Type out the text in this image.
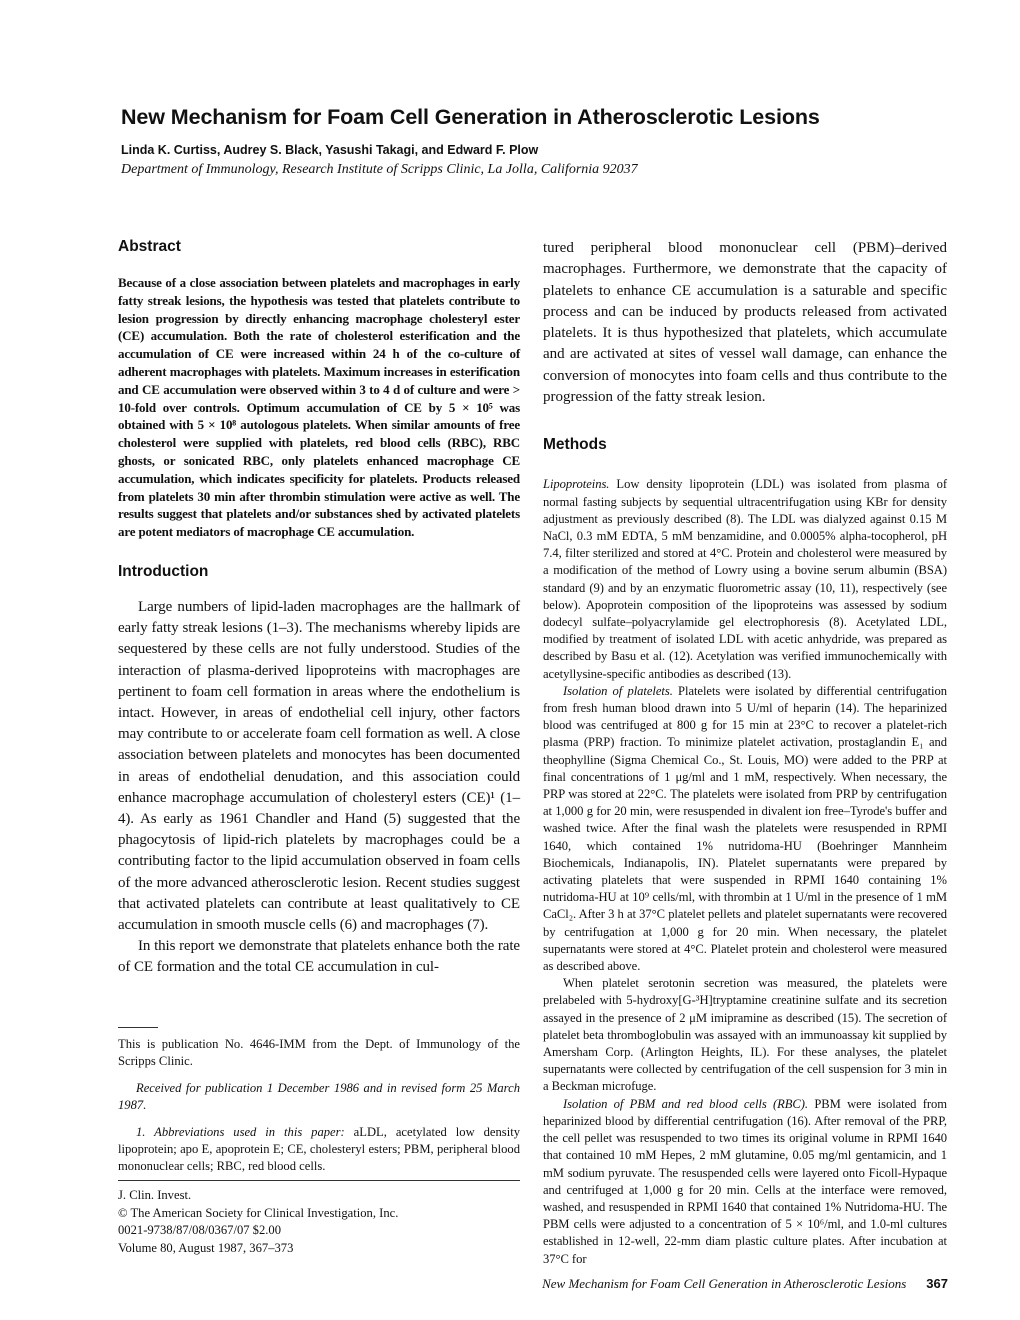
New Mechanism for Foam Cell Generation in Atherosclerotic Lesions
Linda K. Curtiss, Audrey S. Black, Yasushi Takagi, and Edward F. Plow
Department of Immunology, Research Institute of Scripps Clinic, La Jolla, California 92037
Abstract

Because of a close association between platelets and macrophages in early fatty streak lesions, the hypothesis was tested that platelets contribute to lesion progression by directly enhancing macrophage cholesteryl ester (CE) accumulation. Both the rate of cholesterol esterification and the accumulation of CE were increased within 24 h of the co-culture of adherent macrophages with platelets. Maximum increases in esterification and CE accumulation were observed within 3 to 4 d of culture and were > 10-fold over controls. Optimum accumulation of CE by 5 × 10⁵ was obtained with 5 × 10⁸ autologous platelets. When similar amounts of free cholesterol were supplied with platelets, red blood cells (RBC), RBC ghosts, or sonicated RBC, only platelets enhanced macrophage CE accumulation, which indicates specificity for platelets. Products released from platelets 30 min after thrombin stimulation were active as well. The results suggest that platelets and/or substances shed by activated platelets are potent mediators of macrophage CE accumulation.

Introduction

Large numbers of lipid-laden macrophages are the hallmark of early fatty streak lesions (1–3). The mechanisms whereby lipids are sequestered by these cells are not fully understood. Studies of the interaction of plasma-derived lipoproteins with macrophages are pertinent to foam cell formation in areas where the endothelium is intact. However, in areas of endothelial cell injury, other factors may contribute to or accelerate foam cell formation as well. A close association between platelets and monocytes has been documented in areas of endothelial denudation, and this association could enhance macrophage accumulation of cholesteryl esters (CE)¹ (1–4). As early as 1961 Chandler and Hand (5) suggested that the phagocytosis of lipid-rich platelets by macrophages could be a contributing factor to the lipid accumulation observed in foam cells of the more advanced atherosclerotic lesion. Recent studies suggest that activated platelets can contribute at least qualitatively to CE accumulation in smooth muscle cells (6) and macrophages (7).

In this report we demonstrate that platelets enhance both the rate of CE formation and the total CE accumulation in cul-

This is publication No. 4646-IMM from the Dept. of Immunology of the Scripps Clinic.

Received for publication 1 December 1986 and in revised form 25 March 1987.

1. Abbreviations used in this paper: aLDL, acetylated low density lipoprotein; apo E, apoprotein E; CE, cholesteryl esters; PBM, peripheral blood mononuclear cells; RBC, red blood cells.

J. Clin. Invest.

© The American Society for Clinical Investigation, Inc.

0021-9738/87/08/0367/07 $2.00

Volume 80, August 1987, 367–373

tured peripheral blood mononuclear cell (PBM)–derived macrophages. Furthermore, we demonstrate that the capacity of platelets to enhance CE accumulation is a saturable and specific process and can be induced by products released from activated platelets. It is thus hypothesized that platelets, which accumulate and are activated at sites of vessel wall damage, can enhance the conversion of monocytes into foam cells and thus contribute to the progression of the fatty streak lesion.

Methods

Lipoproteins. Low density lipoprotein (LDL) was isolated from plasma of normal fasting subjects by sequential ultracentrifugation using KBr for density adjustment as previously described (8). The LDL was dialyzed against 0.15 M NaCl, 0.3 mM EDTA, 5 mM benzamidine, and 0.0005% alpha-tocopherol, pH 7.4, filter sterilized and stored at 4°C. Protein and cholesterol were measured by a modification of the method of Lowry using a bovine serum albumin (BSA) standard (9) and by an enzymatic fluorometric assay (10, 11), respectively (see below). Apoprotein composition of the lipoproteins was assessed by sodium dodecyl sulfate–polyacrylamide gel electrophoresis (8). Acetylated LDL, modified by treatment of isolated LDL with acetic anhydride, was prepared as described by Basu et al. (12). Acetylation was verified immunochemically with acetyllysine-specific antibodies as described (13).

Isolation of platelets. Platelets were isolated by differential centrifugation from fresh human blood drawn into 5 U/ml of heparin (14). The heparinized blood was centrifuged at 800 g for 15 min at 23°C to recover a platelet-rich plasma (PRP) fraction. To minimize platelet activation, prostaglandin E₁ and theophylline (Sigma Chemical Co., St. Louis, MO) were added to the PRP at final concentrations of 1 μg/ml and 1 mM, respectively. When necessary, the PRP was stored at 22°C. The platelets were isolated from PRP by centrifugation at 1,000 g for 20 min, were resuspended in divalent ion free–Tyrode's buffer and washed twice. After the final wash the platelets were resuspended in RPMI 1640, which contained 1% nutridoma-HU (Boehringer Mannheim Biochemicals, Indianapolis, IN). Platelet supernatants were prepared by activating platelets that were suspended in RPMI 1640 containing 1% nutridoma-HU at 10⁹ cells/ml, with thrombin at 1 U/ml in the presence of 1 mM CaCl₂. After 3 h at 37°C platelet pellets and platelet supernatants were recovered by centrifugation at 1,000 g for 20 min. When necessary, the platelet supernatants were stored at 4°C. Platelet protein and cholesterol were measured as described above.

When platelet serotonin secretion was measured, the platelets were prelabeled with 5-hydroxy[G-³H]tryptamine creatinine sulfate and its secretion assayed in the presence of 2 μM imipramine as described (15). The secretion of platelet beta thromboglobulin was assayed with an immunoassay kit supplied by Amersham Corp. (Arlington Heights, IL). For these analyses, the platelet supernatants were collected by centrifugation of the cell suspension for 3 min in a Beckman microfuge.

Isolation of PBM and red blood cells (RBC). PBM were isolated from heparinized blood by differential centrifugation (16). After removal of the PRP, the cell pellet was resuspended to two times its original volume in RPMI 1640 that contained 10 mM Hepes, 2 mM glutamine, 0.05 mg/ml gentamicin, and 1 mM sodium pyruvate. The resuspended cells were layered onto Ficoll-Hypaque and centrifuged at 1,000 g for 20 min. Cells at the interface were removed, washed, and resuspended in RPMI 1640 that contained 1% Nutridoma-HU. The PBM cells were adjusted to a concentration of 5 × 10⁶/ml, and 1.0-ml cultures established in 12-well, 22-mm diam plastic culture plates. After incubation at 37°C for

New Mechanism for Foam Cell Generation in Atherosclerotic Lesions 367
